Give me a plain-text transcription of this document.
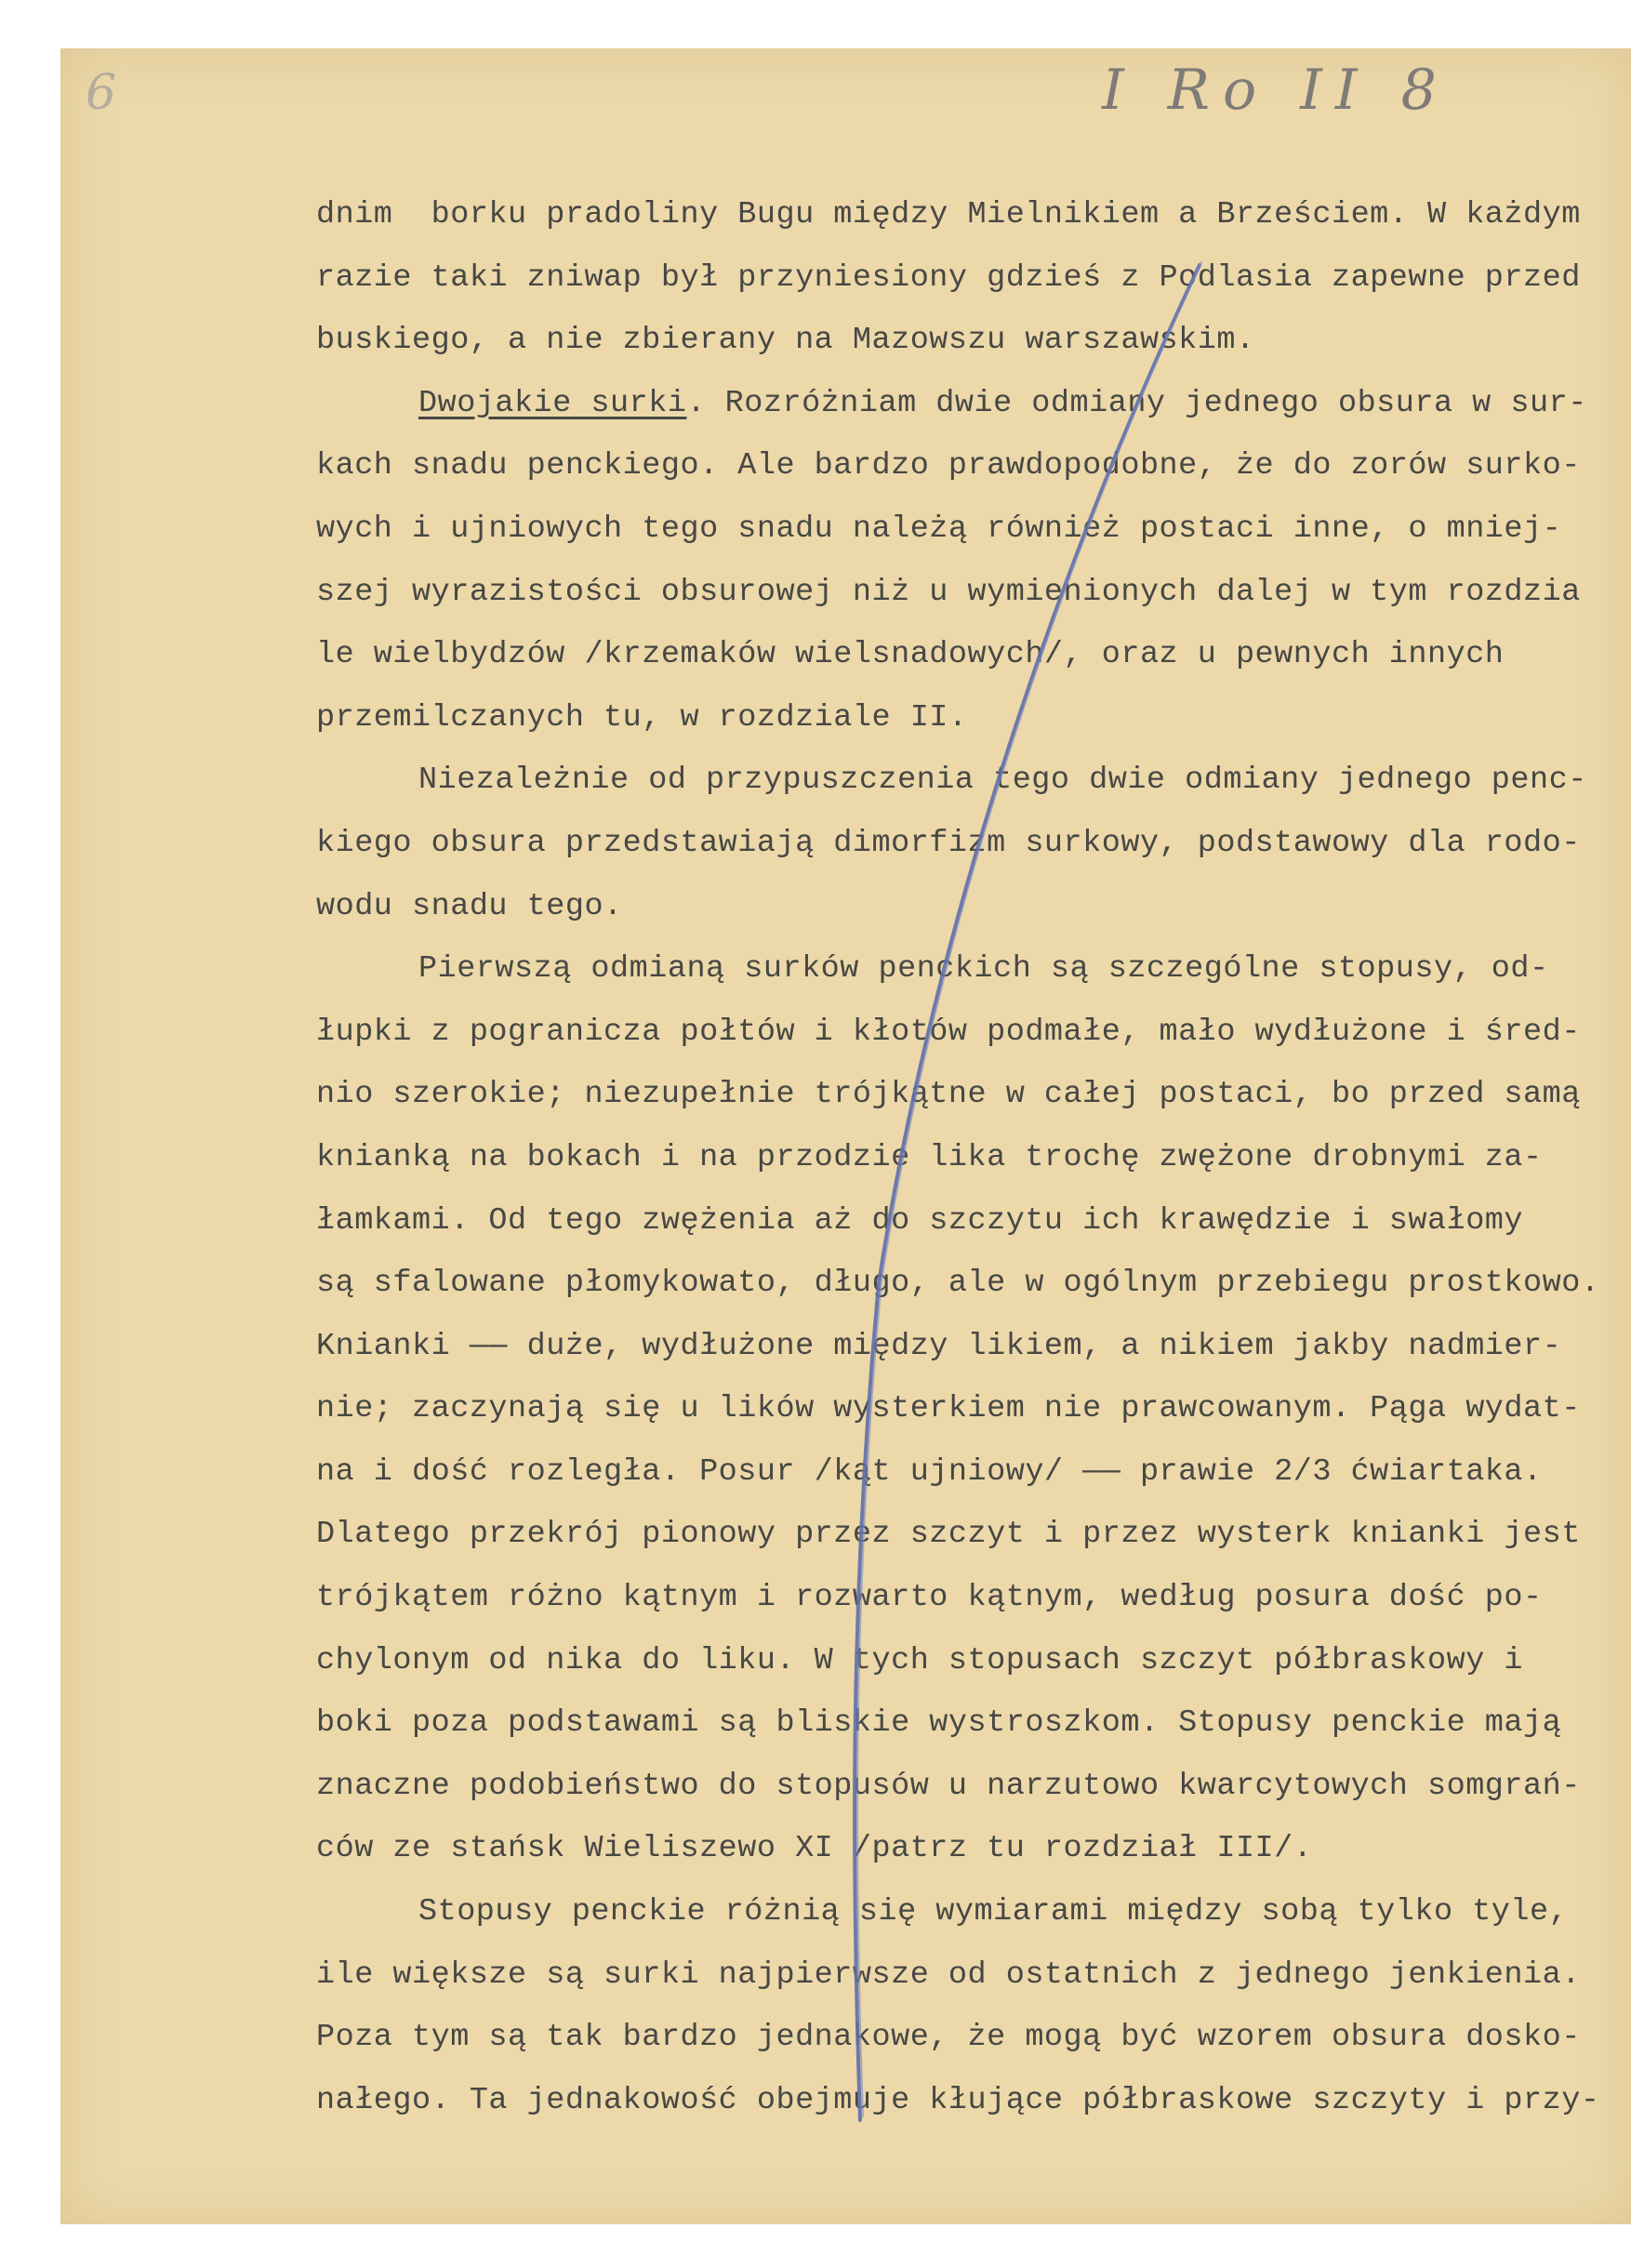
6	I Ro II 8
dnim  borku pradoliny Bugu między Mielnikiem a Brześciem. W każdym
razie taki zniwap był przyniesiony gdzieś z Podlasia zapewne przed
buskiego, a nie zbierany na Mazowszu warszawskim.
Dwojakie surki. Rozróżniam dwie odmiany jednego obsura w sur-
kach snadu penckiego. Ale bardzo prawdopodobne, że do zorów surko-
wych i ujniowych tego snadu należą również postaci inne, o mniej-
szej wyrazistości obsurowej niż u wymienionych dalej w tym rozdzia
le wielbydzów /krzemaków wielsnadowych/, oraz u pewnych innych
przemilczanych tu, w rozdziale II.
Niezależnie od przypuszczenia tego dwie odmiany jednego penc-
kiego obsura przedstawiają dimorfizm surkowy, podstawowy dla rodo-
wodu snadu tego.
Pierwszą odmianą surków penckich są szczególne stopusy, od-
łupki z pogranicza połtów i kłotów podmałe, mało wydłużone i śred-
nio szerokie; niezupełnie trójkątne w całej postaci, bo przed samą
knianką na bokach i na przodzie lika trochę zwężone drobnymi za-
łamkami. Od tego zwężenia aż do szczytu ich krawędzie i swałomy
są sfalowane płomykowato, długo, ale w ogólnym przebiegu prostkowo.
Knianki —— duże, wydłużone między likiem, a nikiem jakby nadmier-
nie; zaczynają się u lików wysterkiem nie prawcowanym. Pąga wydat-
na i dość rozległa. Posur /kąt ujniowy/ —— prawie 2/3 ćwiartaka.
Dlatego przekrój pionowy przez szczyt i przez wysterk knianki jest
trójkątem różno kątnym i rozwarto kątnym, według posura dość po-
chylonym od nika do liku. W tych stopusach szczyt półbraskowy i
boki poza podstawami są bliskie wystroszkom. Stopusy penckie mają
znaczne podobieństwo do stopusów u narzutowo kwarcytowych somgrań-
ców ze stańsk Wieliszewo XI /patrz tu rozdział III/.
Stopusy penckie różnią się wymiarami między sobą tylko tyle,
ile większe są surki najpierwsze od ostatnich z jednego jenkienia.
Poza tym są tak bardzo jednakowe, że mogą być wzorem obsura dosko-
nałego. Ta jednakowość obejmuje kłujące półbraskowe szczyty i przy-
